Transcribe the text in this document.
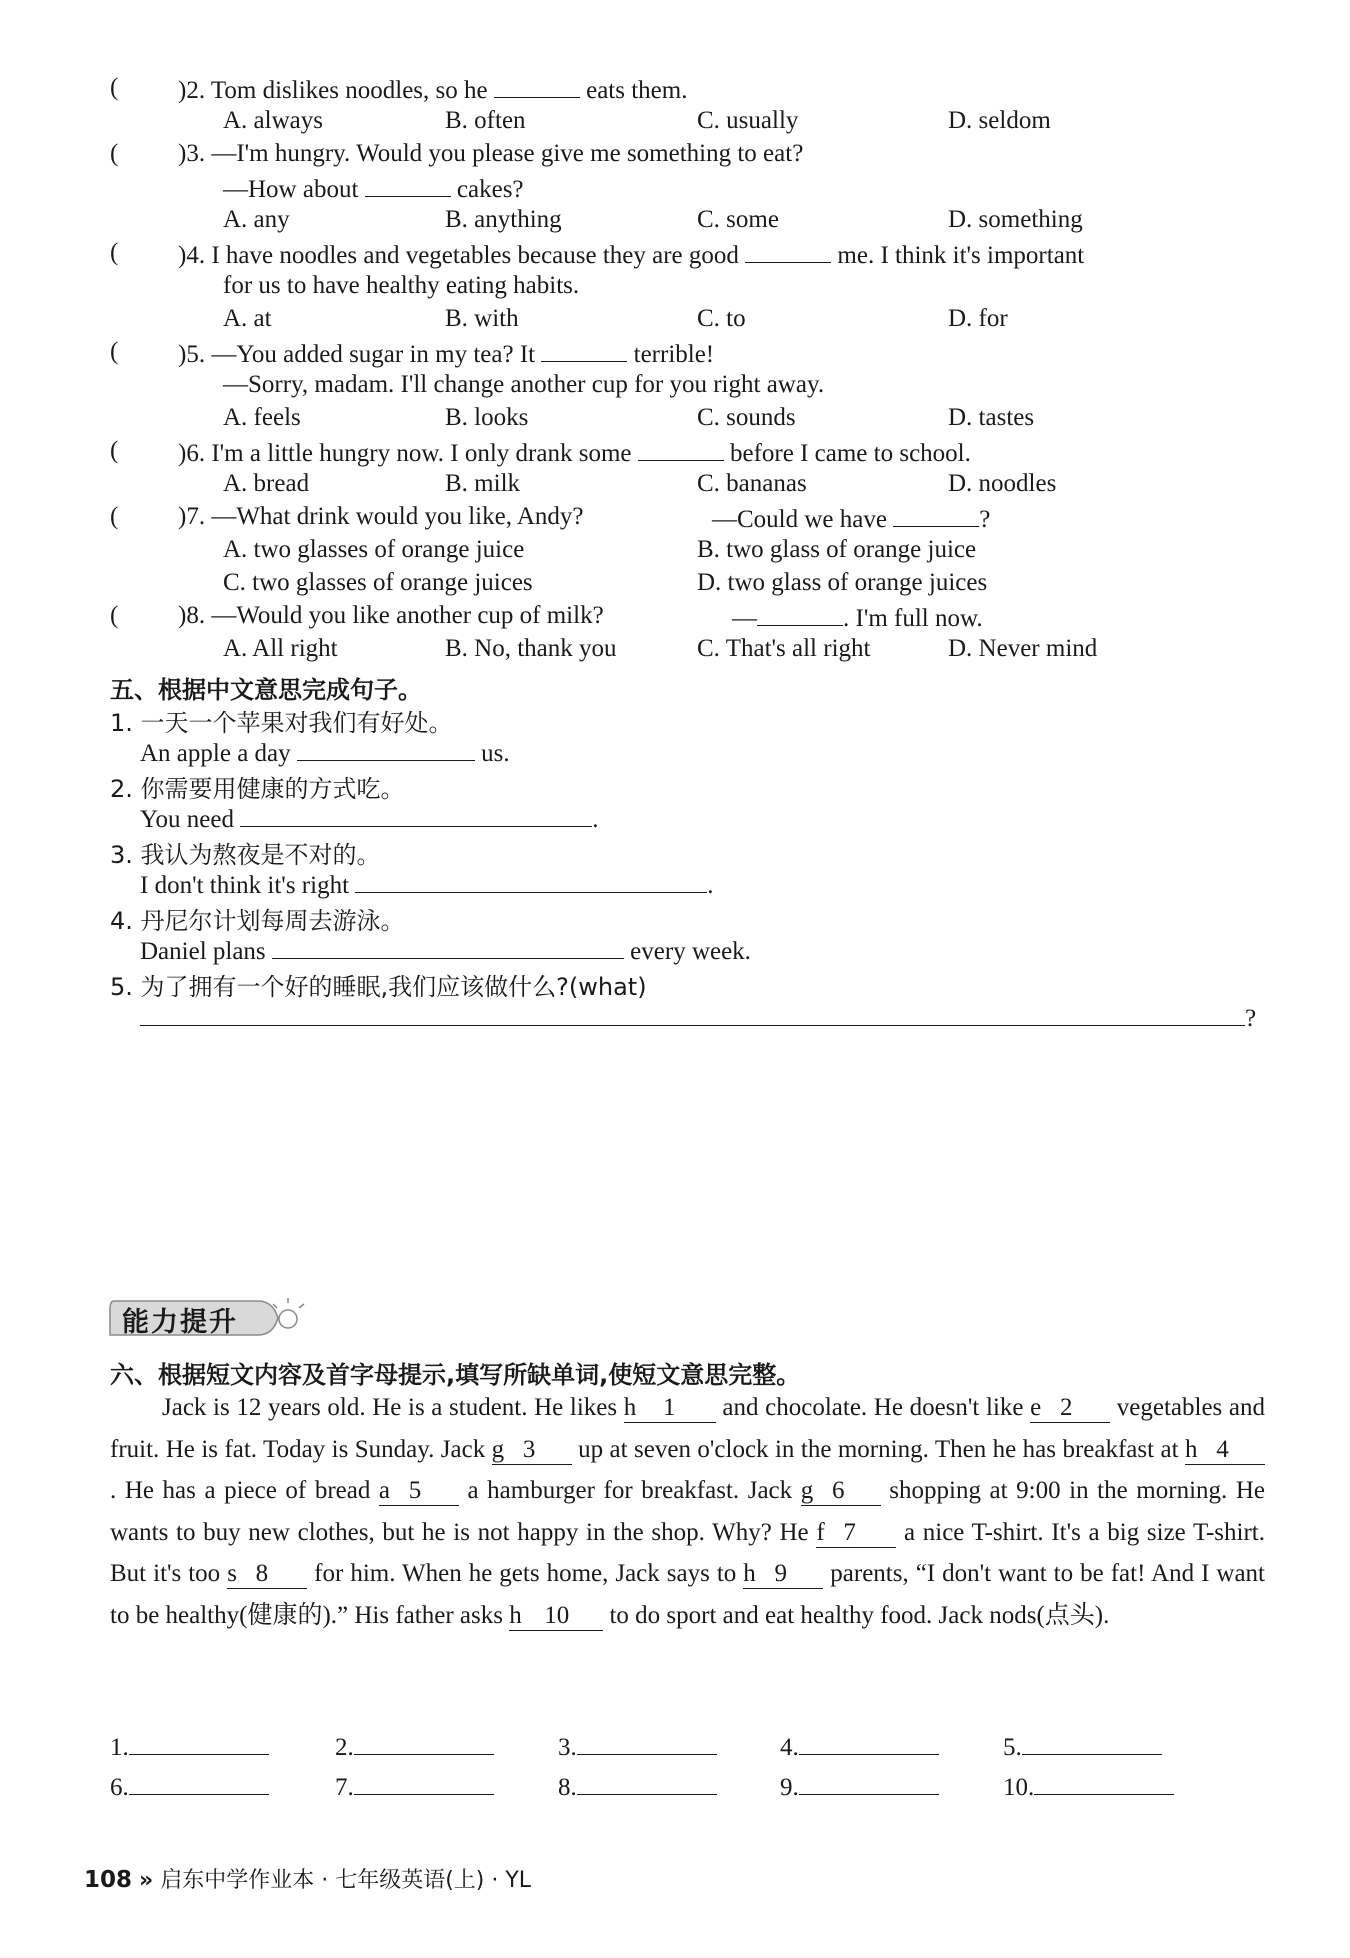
( )2. Tom dislikes noodles, so he	eats them.
A. always	B. often	C. usually	D. seldom
( )3. —I'm hungry. Would you please give me something to eat?
—How about	cakes?
A. any	B. anything	C. some	D. something
( )4. I have noodles and vegetables because they are good	me. I think it's important
for us to have healthy eating habits.
A. at	B. with	C. to	D. for
( )5. —You added sugar in my tea? It	terrible!
—Sorry, madam. I'll change another cup for you right away.
A. feels	B. looks	C. sounds	D. tastes
( )6. I'm a little hungry now. I only drank some	before I came to school.
A. bread	B. milk	C. bananas	D. noodles
( )7. —What drink would you like, Andy?	—Could we have	?
A. two glasses of orange juice	B. two glass of orange juice
C. two glasses of orange juices	D. two glass of orange juices
( )8. —Would you like another cup of milk?	—	. I'm full now.
A. All right	B. No, thank you	C. That's all right	D. Never mind
五、根据中文意思完成句子。
1. 一天一个苹果对我们有好处。
An apple a day	us.
2. 你需要用健康的方式吃。
You need	.
3. 我认为熬夜是不对的。
I don't think it's right	.
4. 丹尼尔计划每周去游泳。
Daniel plans	every week.
5. 为了拥有一个好的睡眠,我们应该做什么?(what)
?
能力提升
六、根据短文内容及首字母提示,填写所缺单词,使短文意思完整。
Jack is 12 years old. He is a student. He likes h 1 and chocolate. He doesn't like e 2 vegetables and fruit. He is fat. Today is Sunday. Jack g 3 up at seven o'clock in the morning. Then he has breakfast at h 4. He has a piece of bread a 5 a hamburger for breakfast. Jack g 6 shopping at 9:00 in the morning. He wants to buy new clothes, but he is not happy in the shop. Why? He f 7 a nice T-shirt. It's a big size T-shirt. But it's too s 8 for him. When he gets home, Jack says to h 9 parents, “I don't want to be fat! And I want to be healthy(健康的).” His father asks h 10 to do sport and eat healthy food. Jack nods(点头).
1.	2.	3.	4.	5.
6.	7.	8.	9.	10.
108 » 启东中学作业本 · 七年级英语(上) · YL
